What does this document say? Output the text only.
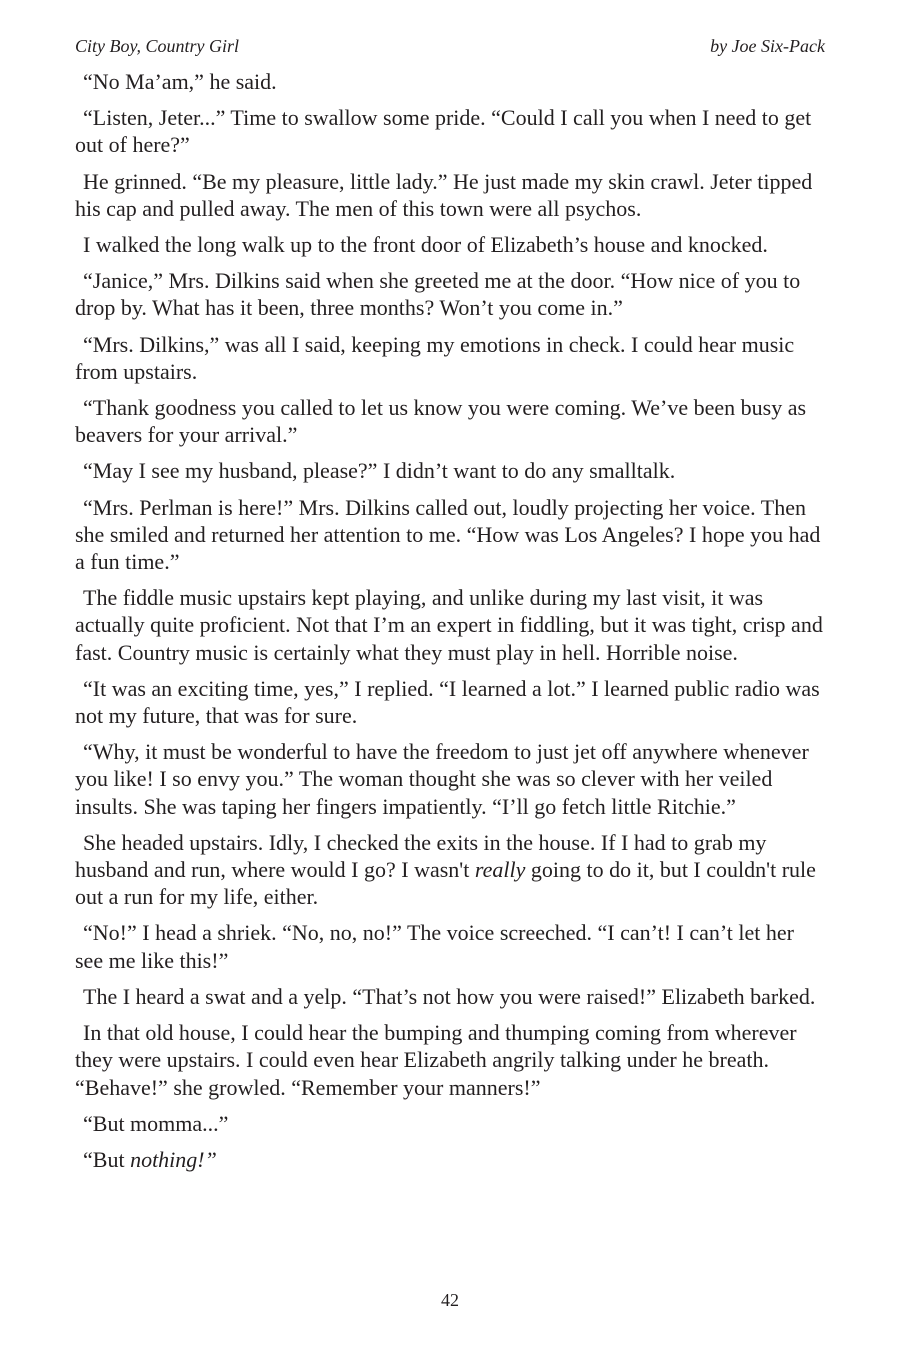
City Boy, Country Girl	by Joe Six-Pack

“No Ma’am,” he said.

“Listen, Jeter...” Time to swallow some pride. “Could I call you when I need to get out of here?”

He grinned. “Be my pleasure, little lady.” He just made my skin crawl. Jeter tipped his cap and pulled away. The men of this town were all psychos.

I walked the long walk up to the front door of Elizabeth’s house and knocked.

“Janice,” Mrs. Dilkins said when she greeted me at the door. “How nice of you to drop by. What has it been, three months? Won’t you come in.”

“Mrs. Dilkins,” was all I said, keeping my emotions in check. I could hear music from upstairs.

“Thank goodness you called to let us know you were coming. We’ve been busy as beavers for your arrival.”

“May I see my husband, please?” I didn’t want to do any smalltalk.

“Mrs. Perlman is here!” Mrs. Dilkins called out, loudly projecting her voice. Then she smiled and returned her attention to me. “How was Los Angeles? I hope you had a fun time.”

The fiddle music upstairs kept playing, and unlike during my last visit, it was actually quite proficient. Not that I’m an expert in fiddling, but it was tight, crisp and fast. Country music is certainly what they must play in hell. Horrible noise.

“It was an exciting time, yes,” I replied. “I learned a lot.” I learned public radio was not my future, that was for sure.

“Why, it must be wonderful to have the freedom to just jet off anywhere whenever you like! I so envy you.” The woman thought she was so clever with her veiled insults. She was taping her fingers impatiently. “I’ll go fetch little Ritchie.”

She headed upstairs. Idly, I checked the exits in the house. If I had to grab my husband and run, where would I go? I wasn't really going to do it, but I couldn't rule out a run for my life, either.

“No!” I head a shriek. “No, no, no!” The voice screeched. “I can’t! I can’t let her see me like this!”

The I heard a swat and a yelp. “That’s not how you were raised!” Elizabeth barked.

In that old house, I could hear the bumping and thumping coming from wherever they were upstairs. I could even hear Elizabeth angrily talking under he breath. “Behave!” she growled. “Remember your manners!”

“But momma...”

“But nothing!”

42
